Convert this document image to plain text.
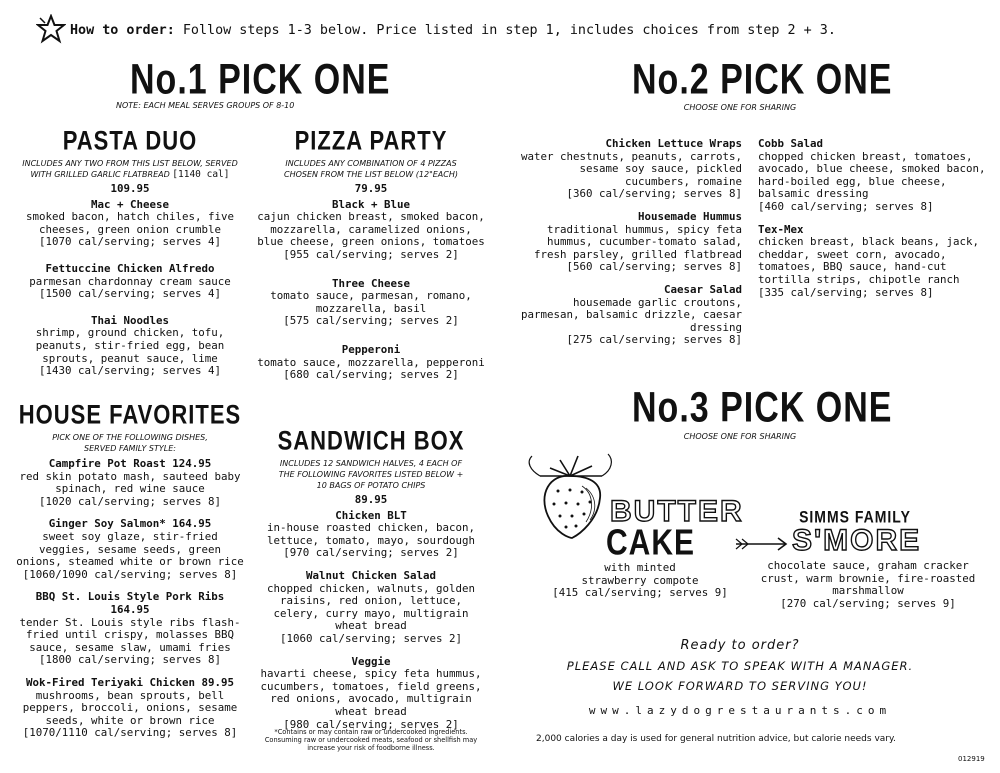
How to order: Follow steps 1-3 below. Price listed in step 1, includes choices from step 2 + 3.
No.1 PICK ONE
NOTE: EACH MEAL SERVES GROUPS OF 8-10
PASTA DUO
INCLUDES ANY TWO FROM THIS LIST BELOW, SERVED WITH GRILLED GARLIC FLATBREAD [1140 cal]
109.95
Mac + Cheese
smoked bacon, hatch chiles, five cheeses, green onion crumble
[1070 cal/serving; serves 4]
Fettuccine Chicken Alfredo
parmesan chardonnay cream sauce
[1500 cal/serving; serves 4]
Thai Noodles
shrimp, ground chicken, tofu, peanuts, stir-fried egg, bean sprouts, peanut sauce, lime
[1430 cal/serving; serves 4]
HOUSE FAVORITES
PICK ONE OF THE FOLLOWING DISHES, SERVED FAMILY STYLE:
Campfire Pot Roast 124.95
red skin potato mash, sauteed baby spinach, red wine sauce
[1020 cal/serving; serves 8]
Ginger Soy Salmon* 164.95
sweet soy glaze, stir-fried veggies, sesame seeds, green onions, steamed white or brown rice
[1060/1090 cal/serving; serves 8]
BBQ St. Louis Style Pork Ribs 164.95
tender St. Louis style ribs flash-fried until crispy, molasses BBQ sauce, sesame slaw, umami fries
[1800 cal/serving; serves 8]
Wok-Fired Teriyaki Chicken 89.95
mushrooms, bean sprouts, bell peppers, broccoli, onions, sesame seeds, white or brown rice
[1070/1110 cal/serving; serves 8]
PIZZA PARTY
INCLUDES ANY COMBINATION OF 4 PIZZAS CHOSEN FROM THE LIST BELOW (12"EACH)
79.95
Black + Blue
cajun chicken breast, smoked bacon, mozzarella, caramelized onions, blue cheese, green onions, tomatoes
[955 cal/serving; serves 2]
Three Cheese
tomato sauce, parmesan, romano, mozzarella, basil
[575 cal/serving; serves 2]
Pepperoni
tomato sauce, mozzarella, pepperoni
[680 cal/serving; serves 2]
SANDWICH BOX
INCLUDES 12 SANDWICH HALVES, 4 EACH OF THE FOLLOWING FAVORITES LISTED BELOW + 10 BAGS OF POTATO CHIPS
89.95
Chicken BLT
in-house roasted chicken, bacon, lettuce, tomato, mayo, sourdough
[970 cal/serving; serves 2]
Walnut Chicken Salad
chopped chicken, walnuts, golden raisins, red onion, lettuce, celery, curry mayo, multigrain wheat bread
[1060 cal/serving; serves 2]
Veggie
havarti cheese, spicy feta hummus, cucumbers, tomatoes, field greens, red onions, avocado, multigrain wheat bread
[980 cal/serving; serves 2]
*Contains or may contain raw or undercooked ingredients. Consuming raw or undercooked meats, seafood or shellfish may increase your risk of foodborne illness.
No.2 PICK ONE
CHOOSE ONE FOR SHARING
Chicken Lettuce Wraps
water chestnuts, peanuts, carrots, sesame soy sauce, pickled cucumbers, romaine
[360 cal/serving; serves 8]
Housemade Hummus
traditional hummus, spicy feta hummus, cucumber-tomato salad, fresh parsley, grilled flatbread
[560 cal/serving; serves 8]
Caesar Salad
housemade garlic croutons, parmesan, balsamic drizzle, caesar dressing
[275 cal/serving; serves 8]
Cobb Salad
chopped chicken breast, tomatoes, avocado, blue cheese, smoked bacon, hard-boiled egg, blue cheese, balsamic dressing
[460 cal/serving; serves 8]
Tex-Mex
chicken breast, black beans, jack, cheddar, sweet corn, avocado, tomatoes, BBQ sauce, hand-cut tortilla strips, chipotle ranch
[335 cal/serving; serves 8]
No.3 PICK ONE
CHOOSE ONE FOR SHARING
BUTTER
CAKE
with minted strawberry compote
[415 cal/serving; serves 9]
SIMMS FAMILY
S'MORE
chocolate sauce, graham cracker crust, warm brownie, fire-roasted marshmallow
[270 cal/serving; serves 9]
Ready to order?
PLEASE CALL AND ASK TO SPEAK WITH A MANAGER.
WE LOOK FORWARD TO SERVING YOU!
www.lazydogrestaurants.com
2,000 calories a day is used for general nutrition advice, but calorie needs vary.
012919
